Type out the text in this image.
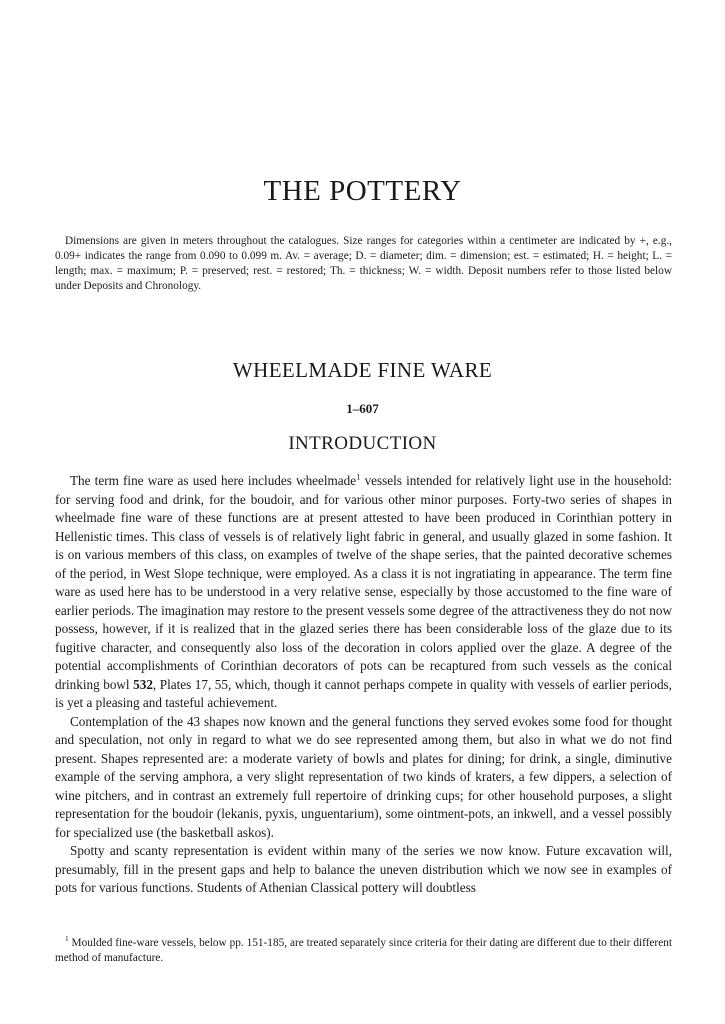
THE POTTERY

Dimensions are given in meters throughout the catalogues. Size ranges for categories within a centimeter are indicated by +, e.g., 0.09+ indicates the range from 0.090 to 0.099 m. Av. = average; D. = diameter; dim. = dimension; est. = estimated; H. = height; L. = length; max. = maximum; P. = preserved; rest. = restored; Th. = thickness; W. = width. Deposit numbers refer to those listed below under Deposits and Chronology.

WHEELMADE FINE WARE
1–607
INTRODUCTION

The term fine ware as used here includes wheelmade$^1$ vessels intended for relatively light use in the household: for serving food and drink, for the boudoir, and for various other minor purposes. Forty-two series of shapes in wheelmade fine ware of these functions are at present attested to have been produced in Corinthian pottery in Hellenistic times. This class of vessels is of relatively light fabric in general, and usually glazed in some fashion. It is on various members of this class, on examples of twelve of the shape series, that the painted decorative schemes of the period, in West Slope technique, were employed. As a class it is not ingratiating in appearance. The term fine ware as used here has to be understood in a very relative sense, especially by those accustomed to the fine ware of earlier periods. The imagination may restore to the present vessels some degree of the attractiveness they do not now possess, however, if it is realized that in the glazed series there has been considerable loss of the glaze due to its fugitive character, and consequently also loss of the decoration in colors applied over the glaze. A degree of the potential accomplishments of Corinthian decorators of pots can be recaptured from such vessels as the conical drinking bowl 532, Plates 17, 55, which, though it cannot perhaps compete in quality with vessels of earlier periods, is yet a pleasing and tasteful achievement.

Contemplation of the 43 shapes now known and the general functions they served evokes some food for thought and speculation, not only in regard to what we do see represented among them, but also in what we do not find present. Shapes represented are: a moderate variety of bowls and plates for dining; for drink, a single, diminutive example of the serving amphora, a very slight representation of two kinds of kraters, a few dippers, a selection of wine pitchers, and in contrast an extremely full repertoire of drinking cups; for other household purposes, a slight representation for the boudoir (lekanis, pyxis, unguentarium), some ointment-pots, an inkwell, and a vessel possibly for specialized use (the basketball askos).

Spotty and scanty representation is evident within many of the series we now know. Future excavation will, presumably, fill in the present gaps and help to balance the uneven distribution which we now see in examples of pots for various functions. Students of Athenian Classical pottery will doubtless

$^1$ Moulded fine-ware vessels, below pp. 151-185, are treated separately since criteria for their dating are different due to their different method of manufacture.
